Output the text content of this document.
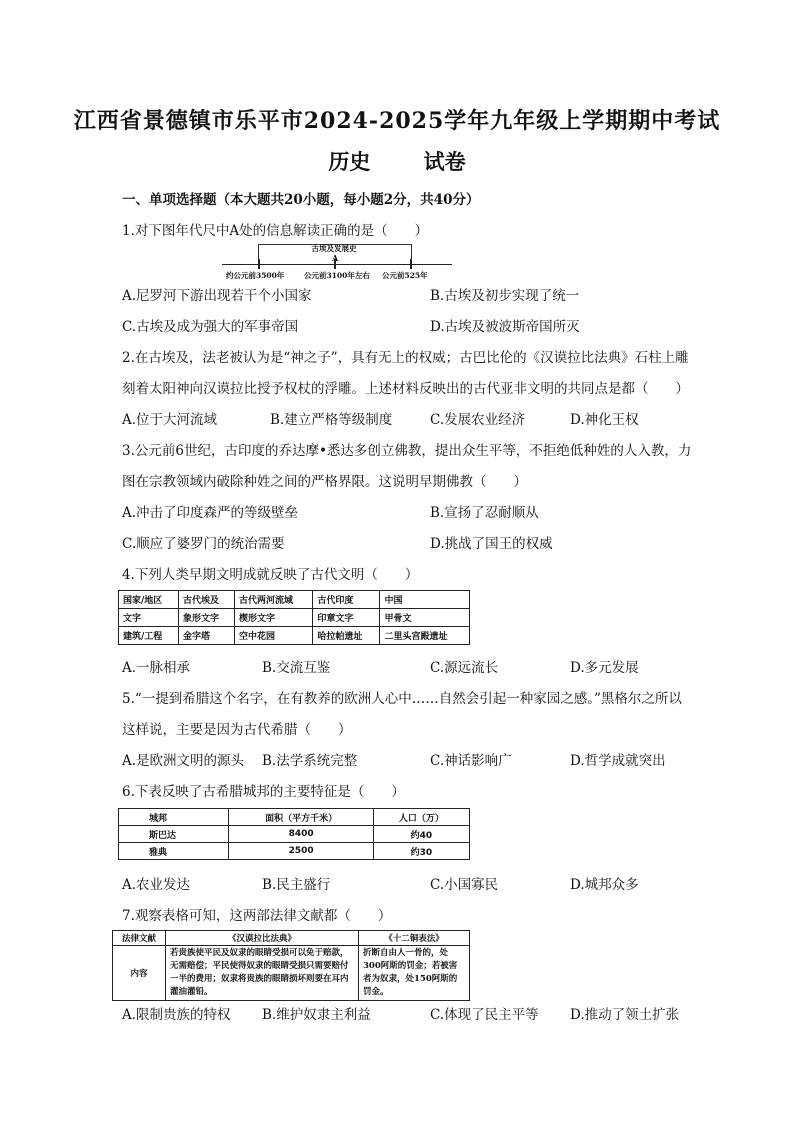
江西省景德镇市乐平市2024-2025学年九年级上学期期中考试
历史	试卷
一、单项选择题（本大题共20小题，每小题2分，共40分）
1.对下图年代尺中A处的信息解读正确的是（　　）
古埃及发展史
A
约公元前3500年	公元前3100年左右 公元前525年
A.尼罗河下游出现若干个小国家	B.古埃及初步实现了统一
C.古埃及成为强大的军事帝国	D.古埃及被波斯帝国所灭
2.在古埃及，法老被认为是“神之子”，具有无上的权威；古巴比伦的《汉谟拉比法典》石柱上雕
刻着太阳神向汉谟拉比授予权杖的浮雕。上述材料反映出的古代亚非文明的共同点是都（　　）
A.位于大河流域	B.建立严格等级制度	C.发展农业经济	D.神化王权
3.公元前6世纪，古印度的乔达摩•悉达多创立佛教，提出众生平等，不拒绝低种姓的人入教，力
图在宗教领域内破除种姓之间的严格界限。这说明早期佛教（　　）
A.冲击了印度森严的等级壁垒	B.宣扬了忍耐顺从
C.顺应了婆罗门的统治需要	D.挑战了国王的权威
4.下列人类早期文明成就反映了古代文明（　　）
国家/地区	古代埃及	古代两河流域	古代印度	中国
文字	象形文字	楔形文字	印章文字	甲骨文
建筑/工程	金字塔	空中花园	哈拉帕遗址	二里头宫殿遗址
A.一脉相承	B.交流互鉴	C.源远流长	D.多元发展
5.“一提到希腊这个名字，在有教养的欧洲人心中……自然会引起一种家园之感。”黑格尔之所以
这样说，主要是因为古代希腊（　　）
A.是欧洲文明的源头 B.法学系统完整	C.神话影响广	D.哲学成就突出
6.下表反映了古希腊城邦的主要特征是（　　）
城邦	面积（平方千米）	人口（万）
斯巴达	8400	约40
雅典	2500	约30
A.农业发达	B.民主盛行	C.小国寡民	D.城邦众多
7.观察表格可知，这两部法律文献都（　　）
法律文献	《汉谟拉比法典》	《十二铜表法》
内容	若贵族使平民及奴隶的眼睛受损可以免于赔款，无需赔偿；平民使得奴隶的眼睛受损只需要赔付一半的费用；奴隶将贵族的眼睛损坏则要在耳内灌油灌铅。	折断自由人一骨的，处300阿斯的罚金；若被害者为奴隶，处150阿斯的罚金。
A.限制贵族的特权 B.维护奴隶主利益	C.体现了民主平等 D.推动了领土扩张
